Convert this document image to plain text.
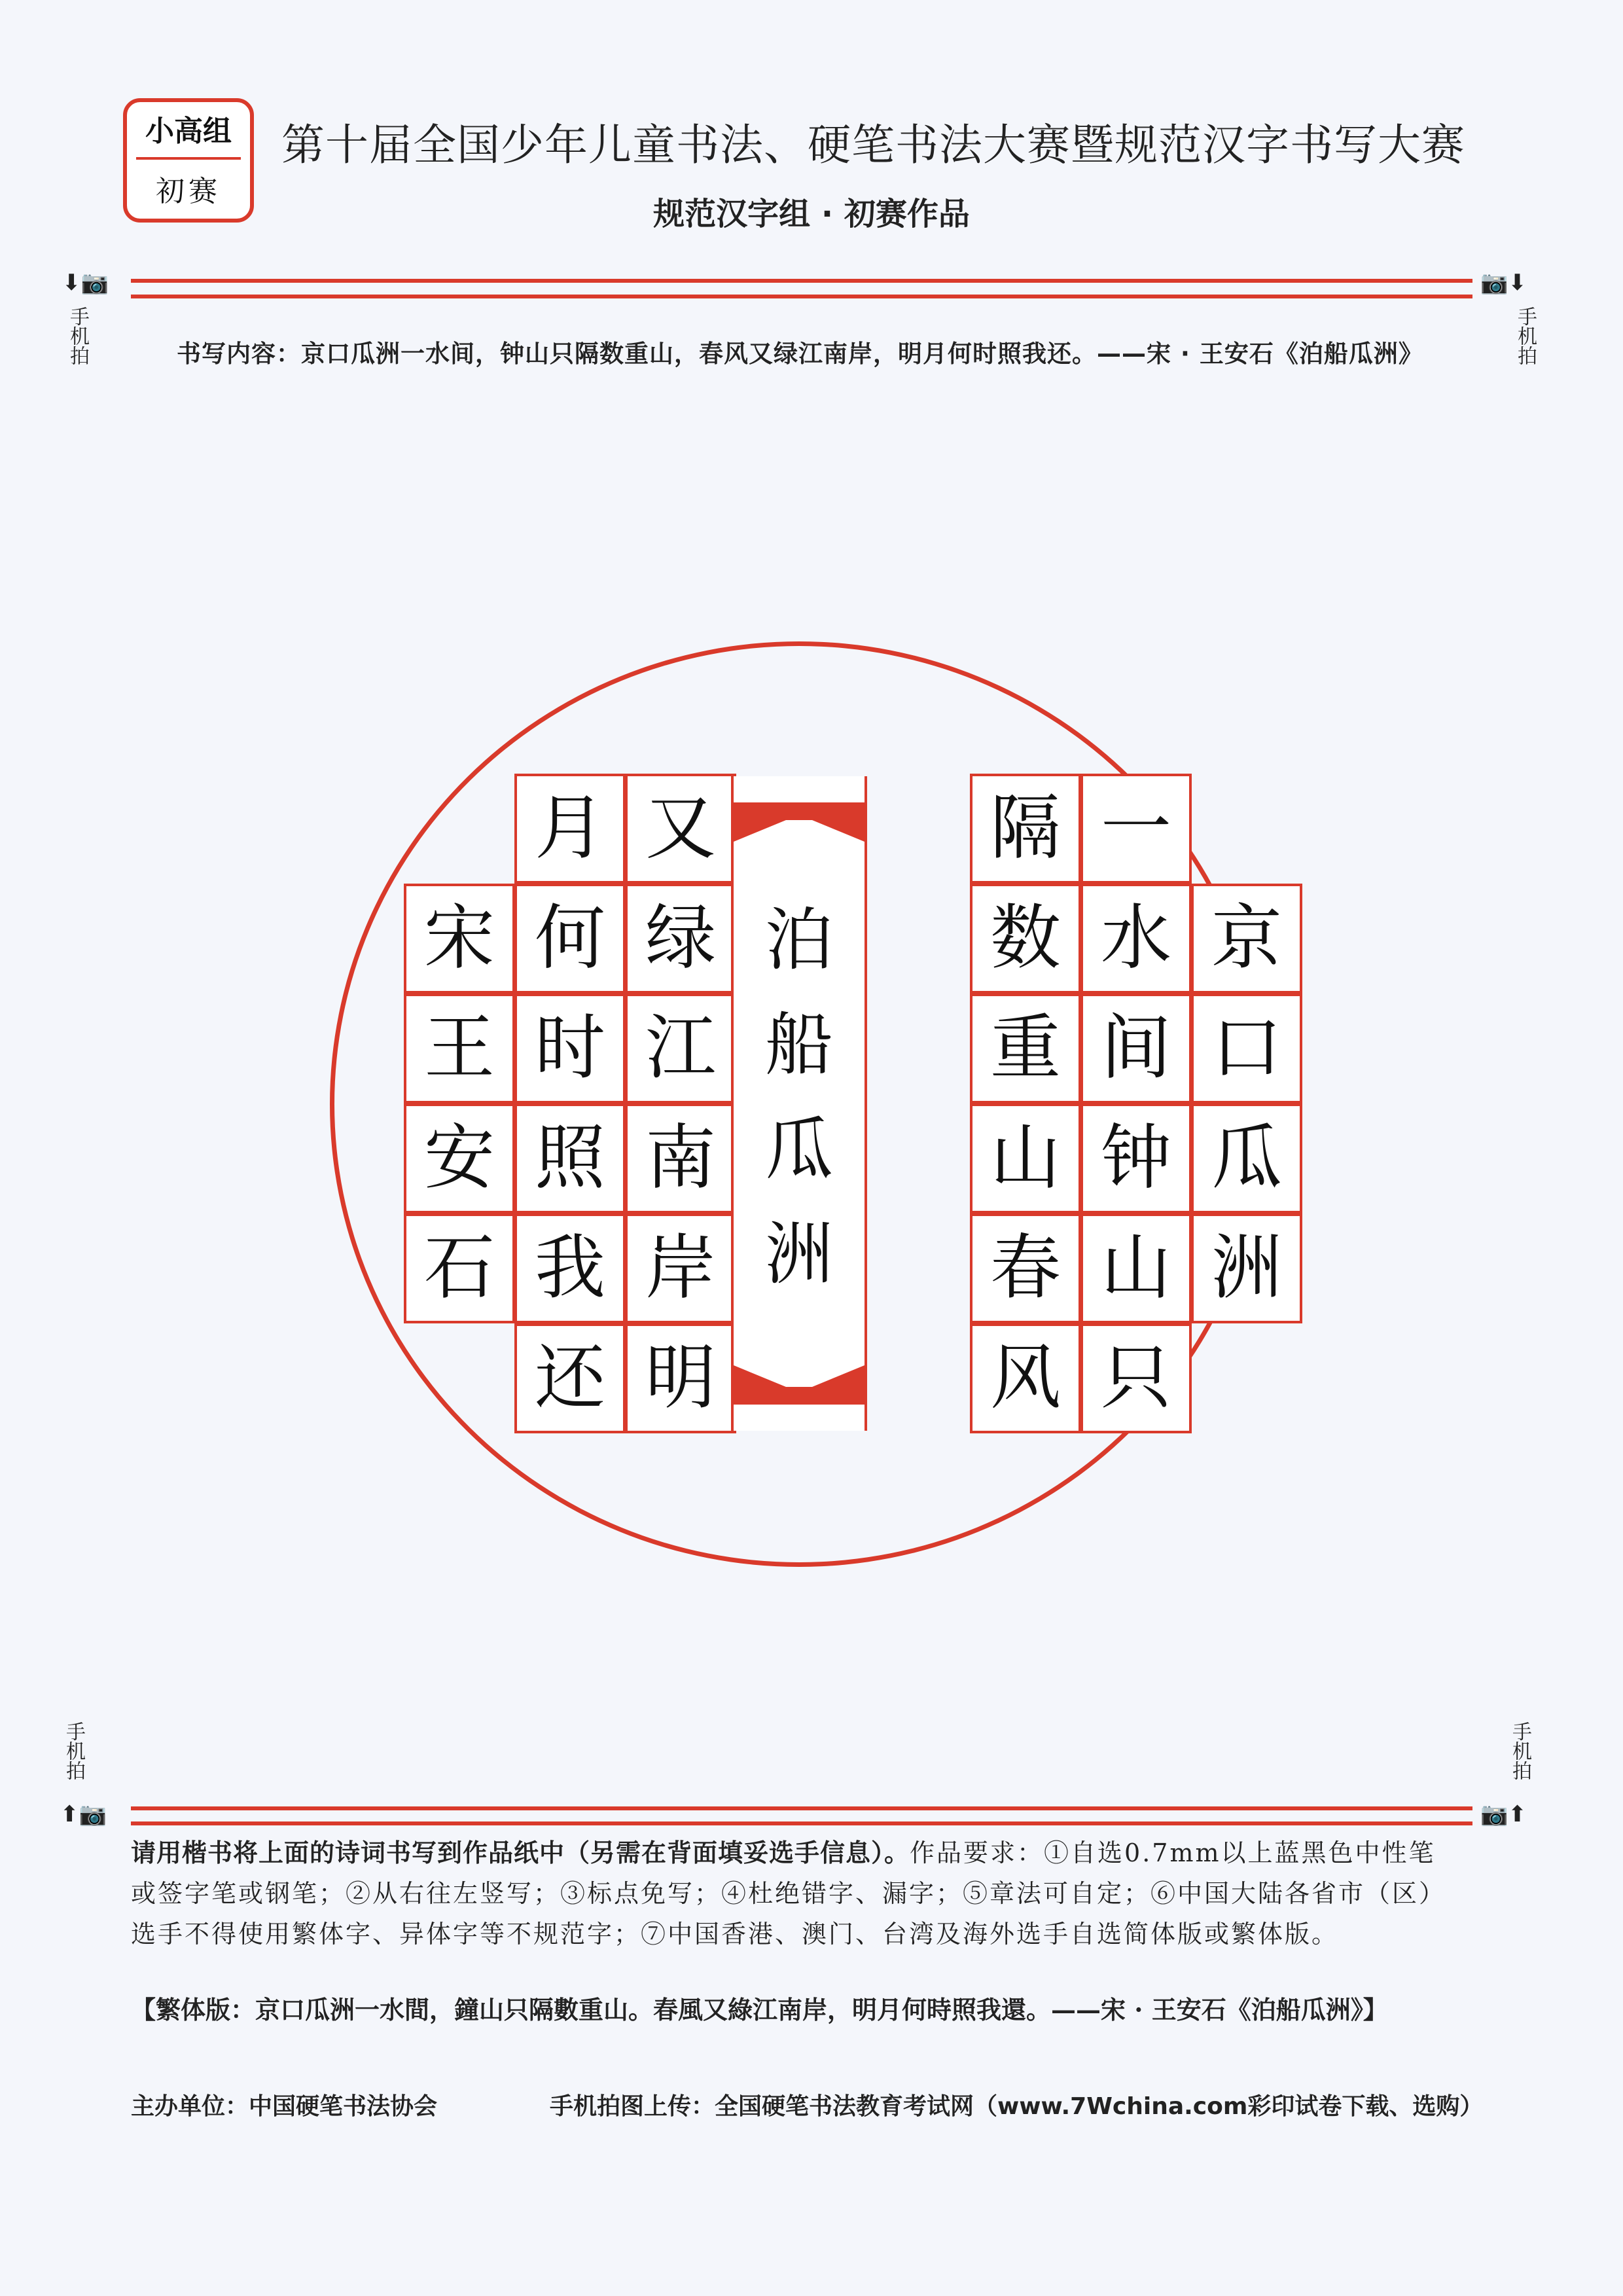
小高组
初赛
第十届全国少年儿童书法、硬笔书法大赛暨规范汉字书写大赛
规范汉字组 · 初赛作品
⬇📷
手机拍
📷⬇
手机拍
书写内容：京口瓜洲一水间，钟山只隔数重山，春风又绿江南岸，明月何时照我还。——宋 · 王安石《泊船瓜洲》
京
口
瓜
洲
一
水
间
钟
山
只
隔
数
重
山
春
风
又
绿
江
南
岸
明
月
何
时
照
我
还
宋
王
安
石
泊
船
瓜
洲
手机拍
⬆📷
手机拍
📷⬆
请用楷书将上面的诗词书写到作品纸中（另需在背面填妥选手信息）。作品要求：①自选0.7mm以上蓝黑色中性笔或签字笔或钢笔；②从右往左竖写；③标点免写；④杜绝错字、漏字；⑤章法可自定；⑥中国大陆各省市（区）选手不得使用繁体字、异体字等不规范字；⑦中国香港、澳门、台湾及海外选手自选简体版或繁体版。
【繁体版：京口瓜洲一水間，鐘山只隔數重山。春風又綠江南岸，明月何時照我還。——宋 · 王安石《泊船瓜洲》】
主办单位：中国硬笔书法协会	手机拍图上传：全国硬笔书法教育考试网（www.7Wchina.com彩印试卷下载、选购）
